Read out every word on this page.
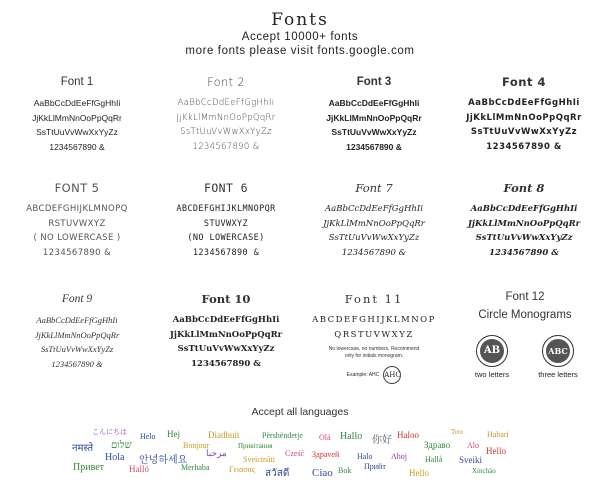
Fonts
Accept 10000+ fonts
more fonts please visit fonts.google.com
Font 1
AaBbCcDdEeFfGgHhIi
JjKkLlMmNnOoPpQqRr
SsTtUuVvWwXxYyZz
1234567890 &
Font 2
AaBbCcDdEeFfGgHhIi
JjKkLlMmNnOoPpQqRr
SsTtUuVvWwXxYyZz
1234567890 &
Font 3
AaBbCcDdEeFfGgHhIi
JjKkLlMmNnOoPpQqRr
SsTtUuVvWwXxYyZz
1234567890 &
Font 4
AaBbCcDdEeFfGgHhIi
JjKkLlMmNnOoPpQqRr
SsTtUuVvWwXxYyZz
1234567890 &
FONT 5
ABCDEFGHIJKLMNOPQ
RSTUVWXYZ
( NO LOWERCASE )
1234567890 &
FONT 6
ABCDEFGHIJKLMNOPQR
STUVWXYZ
(NO LOWERCASE)
1234567890 &
Font 7
AaBbCcDdEeFfGgHhIi
JjKkLlMmNnOoPpQqRr
SsTtUuVvWwXxYyZz
1234567890 &
Font 8
AaBbCcDdEeFfGgHhIi
JjKkLlMmNnOoPpQqRr
SsTtUuVvWwXxYyZz
1234567890 &
Font 9
AaBbCcDdEeFfGgHhIi
JjKkLlMmNnOoPpQqRr
SsTtUuVvWwXxYyZz
1234567890 &
Font 10
AaBbCcDdEeFfGgHhIi
JjKkLlMmNnOoPpQqRr
SsTtUuVvWwXxYyZz
1234567890 &
Font 11
ABCDEFGHIJKLMNOP
QRSTUVWXYZ
No lowercase, no numbers, Recommend
only for initials monogram.
Example: AHC AHC
Font 12
Circle Monograms
AB
two letters
ABC
three letters
Accept all languages
こんにちは
नमस्ते שלום
Helo Hej	Diadhuit
Bonjour
Përshëndetje
Привітання
Olá Hallo 你好 Haloo
Здравo
Tere	Habari
Alo
Hello
Hola 안녕하세요
مرحبا
Sveicināti
Cześć Здраveй Halo Ahoj Hallå Sveiki
Привет	Halló	Merhaba Γειασας สวัสดี Ciao Bok Прийт
Hello	Xinchào
